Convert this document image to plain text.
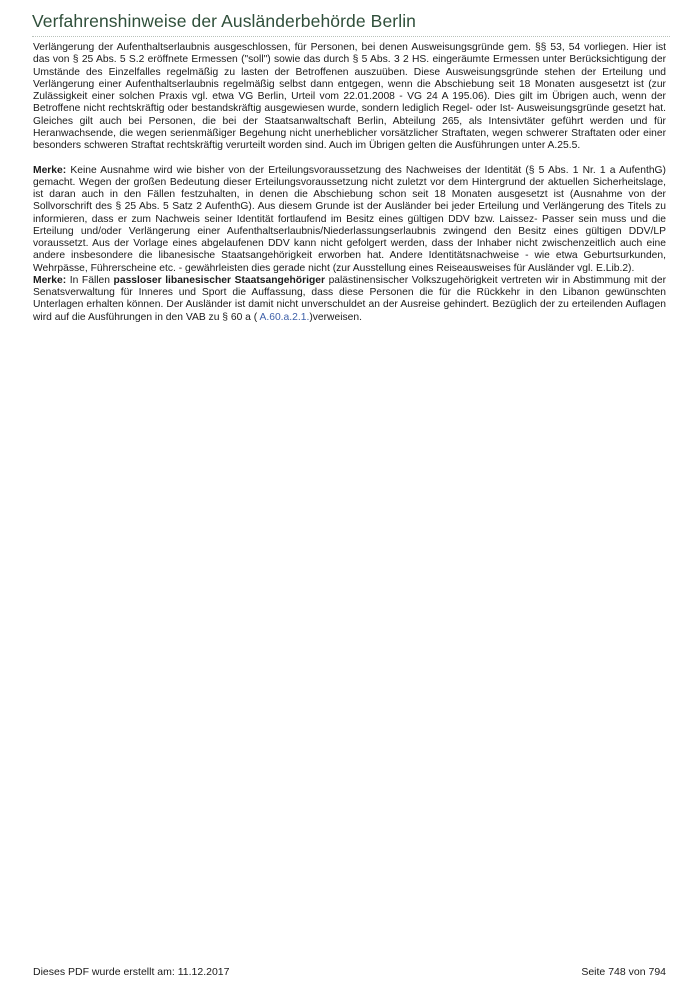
Verfahrenshinweise der Ausländerbehörde Berlin

Verlängerung der Aufenthaltserlaubnis ausgeschlossen, für Personen, bei denen Ausweisungsgründe gem. §§ 53, 54 vorliegen. Hier ist das von § 25 Abs. 5 S.2 eröffnete Ermessen ("soll") sowie das durch § 5 Abs. 3 2 HS. eingeräumte Ermessen unter Berücksichtigung der Umstände des Einzelfalles regelmäßig zu lasten der Betroffenen auszuüben. Diese Ausweisungsgründe stehen der Erteilung und Verlängerung einer Aufenthaltserlaubnis regelmäßig selbst dann entgegen, wenn die Abschiebung seit 18 Monaten ausgesetzt ist (zur Zulässigkeit einer solchen Praxis vgl. etwa VG Berlin, Urteil vom 22.01.2008 - VG 24 A 195.06). Dies gilt im Übrigen auch, wenn der Betroffene nicht rechtskräftig oder bestandskräftig ausgewiesen wurde, sondern lediglich Regel- oder Ist- Ausweisungsgründe gesetzt hat. Gleiches gilt auch bei Personen, die bei der Staatsanwaltschaft Berlin, Abteilung 265, als Intensivtäter geführt werden und für Heranwachsende, die wegen serienmäßiger Begehung nicht unerheblicher vorsätzlicher Straftaten, wegen schwerer Straftaten oder einer besonders schweren Straftat rechtskräftig verurteilt worden sind. Auch im Übrigen gelten die Ausführungen unter A.25.5.

Merke: Keine Ausnahme wird wie bisher von der Erteilungsvoraussetzung des Nachweises der Identität (§ 5 Abs. 1 Nr. 1 a AufenthG) gemacht. Wegen der großen Bedeutung dieser Erteilungsvoraussetzung nicht zuletzt vor dem Hintergrund der aktuellen Sicherheitslage, ist daran auch in den Fällen festzuhalten, in denen die Abschiebung schon seit 18 Monaten ausgesetzt ist (Ausnahme von der Sollvorschrift des § 25 Abs. 5 Satz 2 AufenthG). Aus diesem Grunde ist der Ausländer bei jeder Erteilung und Verlängerung des Titels zu informieren, dass er zum Nachweis seiner Identität fortlaufend im Besitz eines gültigen DDV bzw. Laissez- Passer sein muss und die Erteilung und/oder Verlängerung einer Aufenthaltserlaubnis/Niederlassungserlaubnis zwingend den Besitz eines gültigen DDV/LP voraussetzt. Aus der Vorlage eines abgelaufenen DDV kann nicht gefolgert werden, dass der Inhaber nicht zwischenzeitlich auch eine andere insbesondere die libanesische Staatsangehörigkeit erworben hat. Andere Identitätsnachweise - wie etwa Geburtsurkunden, Wehrpässe, Führerscheine etc. - gewährleisten dies gerade nicht (zur Ausstellung eines Reiseausweises für Ausländer vgl. E.Lib.2).

Merke: In Fällen passloser libanesischer Staatsangehöriger palästinensischer Volkszugehörigkeit vertreten wir in Abstimmung mit der Senatsverwaltung für Inneres und Sport die Auffassung, dass diese Personen die für die Rückkehr in den Libanon gewünschten Unterlagen erhalten können. Der Ausländer ist damit nicht unverschuldet an der Ausreise gehindert. Bezüglich der zu erteilenden Auflagen wird auf die Ausführungen in den VAB zu § 60 a ( A.60.a.2.1.)verweisen.

Dieses PDF wurde erstellt am: 11.12.2017	Seite 748 von 794
